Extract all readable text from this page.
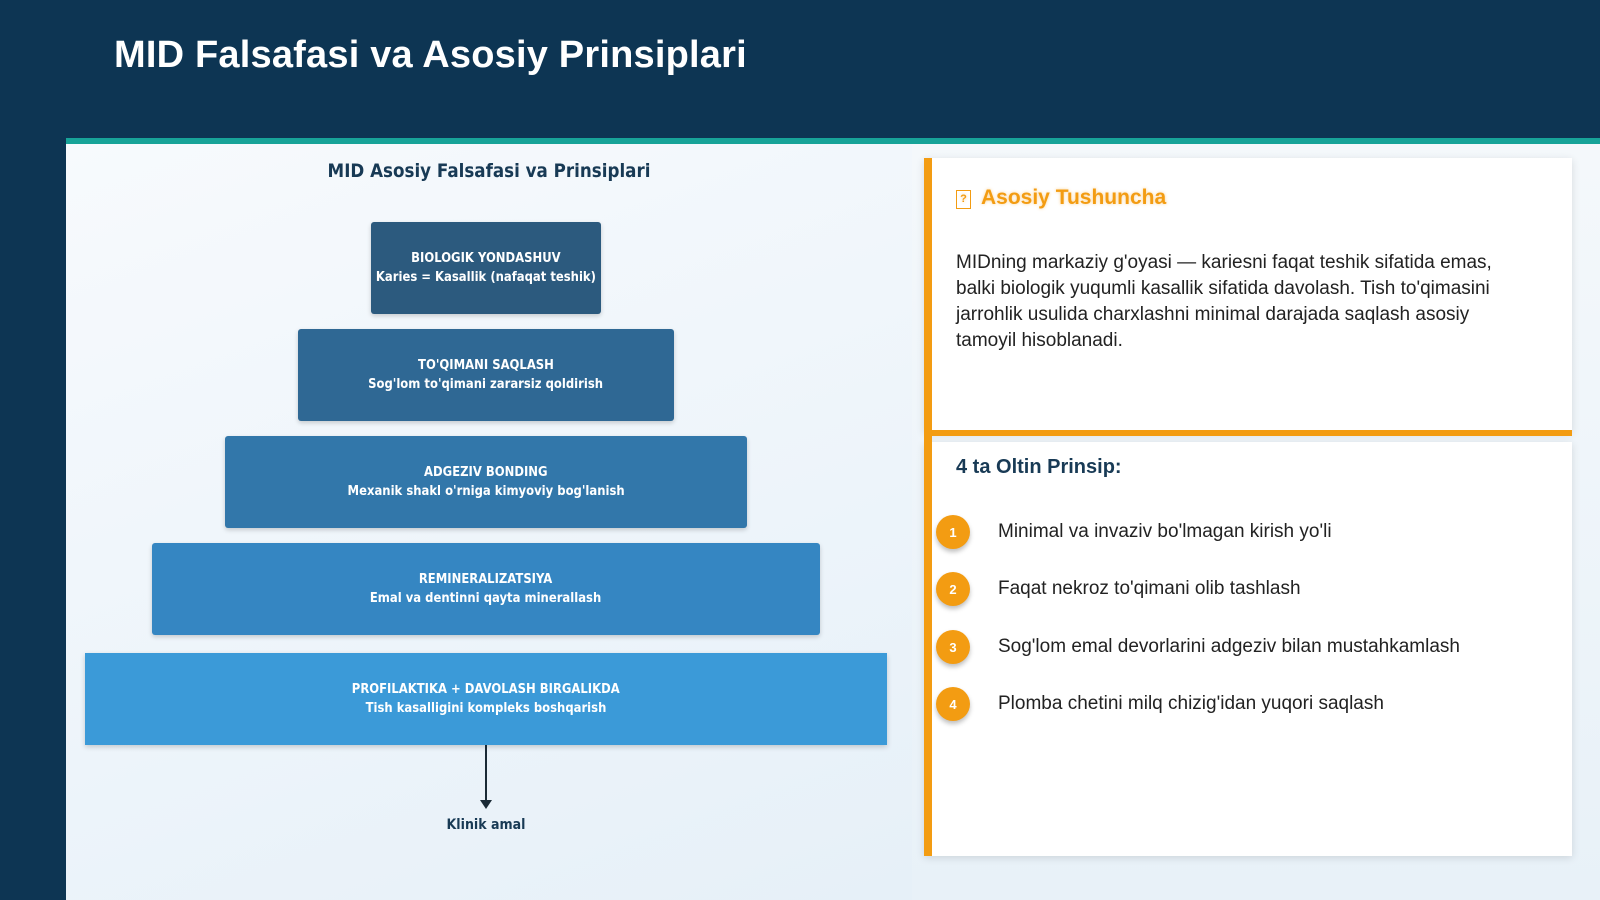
MID Falsafasi va Asosiy Prinsiplari
MID Asosiy Falsafasi va Prinsiplari
BIOLOGIK YONDASHUV
Karies = Kasallik (nafaqat teshik)
TO'QIMANI SAQLASH
Sog'lom to'qimani zararsiz qoldirish
ADGEZIV BONDING
Mexanik shakl o'rniga kimyoviy bog'lanish
REMINERALIZATSIYA
Emal va dentinni qayta minerallash
PROFILAKTIKA + DAVOLASH BIRGALIKDA
Tish kasalligini kompleks boshqarish
Klinik amal
? Asosiy Tushuncha
MIDning markaziy g'oyasi — kariesni faqat teshik sifatida emas, balki biologik yuqumli kasallik sifatida davolash. Tish to'qimasini jarrohlik usulida charxlashni minimal darajada saqlash asosiy tamoyil hisoblanadi.
4 ta Oltin Prinsip:
1	Minimal va invaziv bo'lmagan kirish yo'li
2	Faqat nekroz to'qimani olib tashlash
3	Sog'lom emal devorlarini adgeziv bilan mustahkamlash
4	Plomba chetini milq chizig'idan yuqori saqlash
